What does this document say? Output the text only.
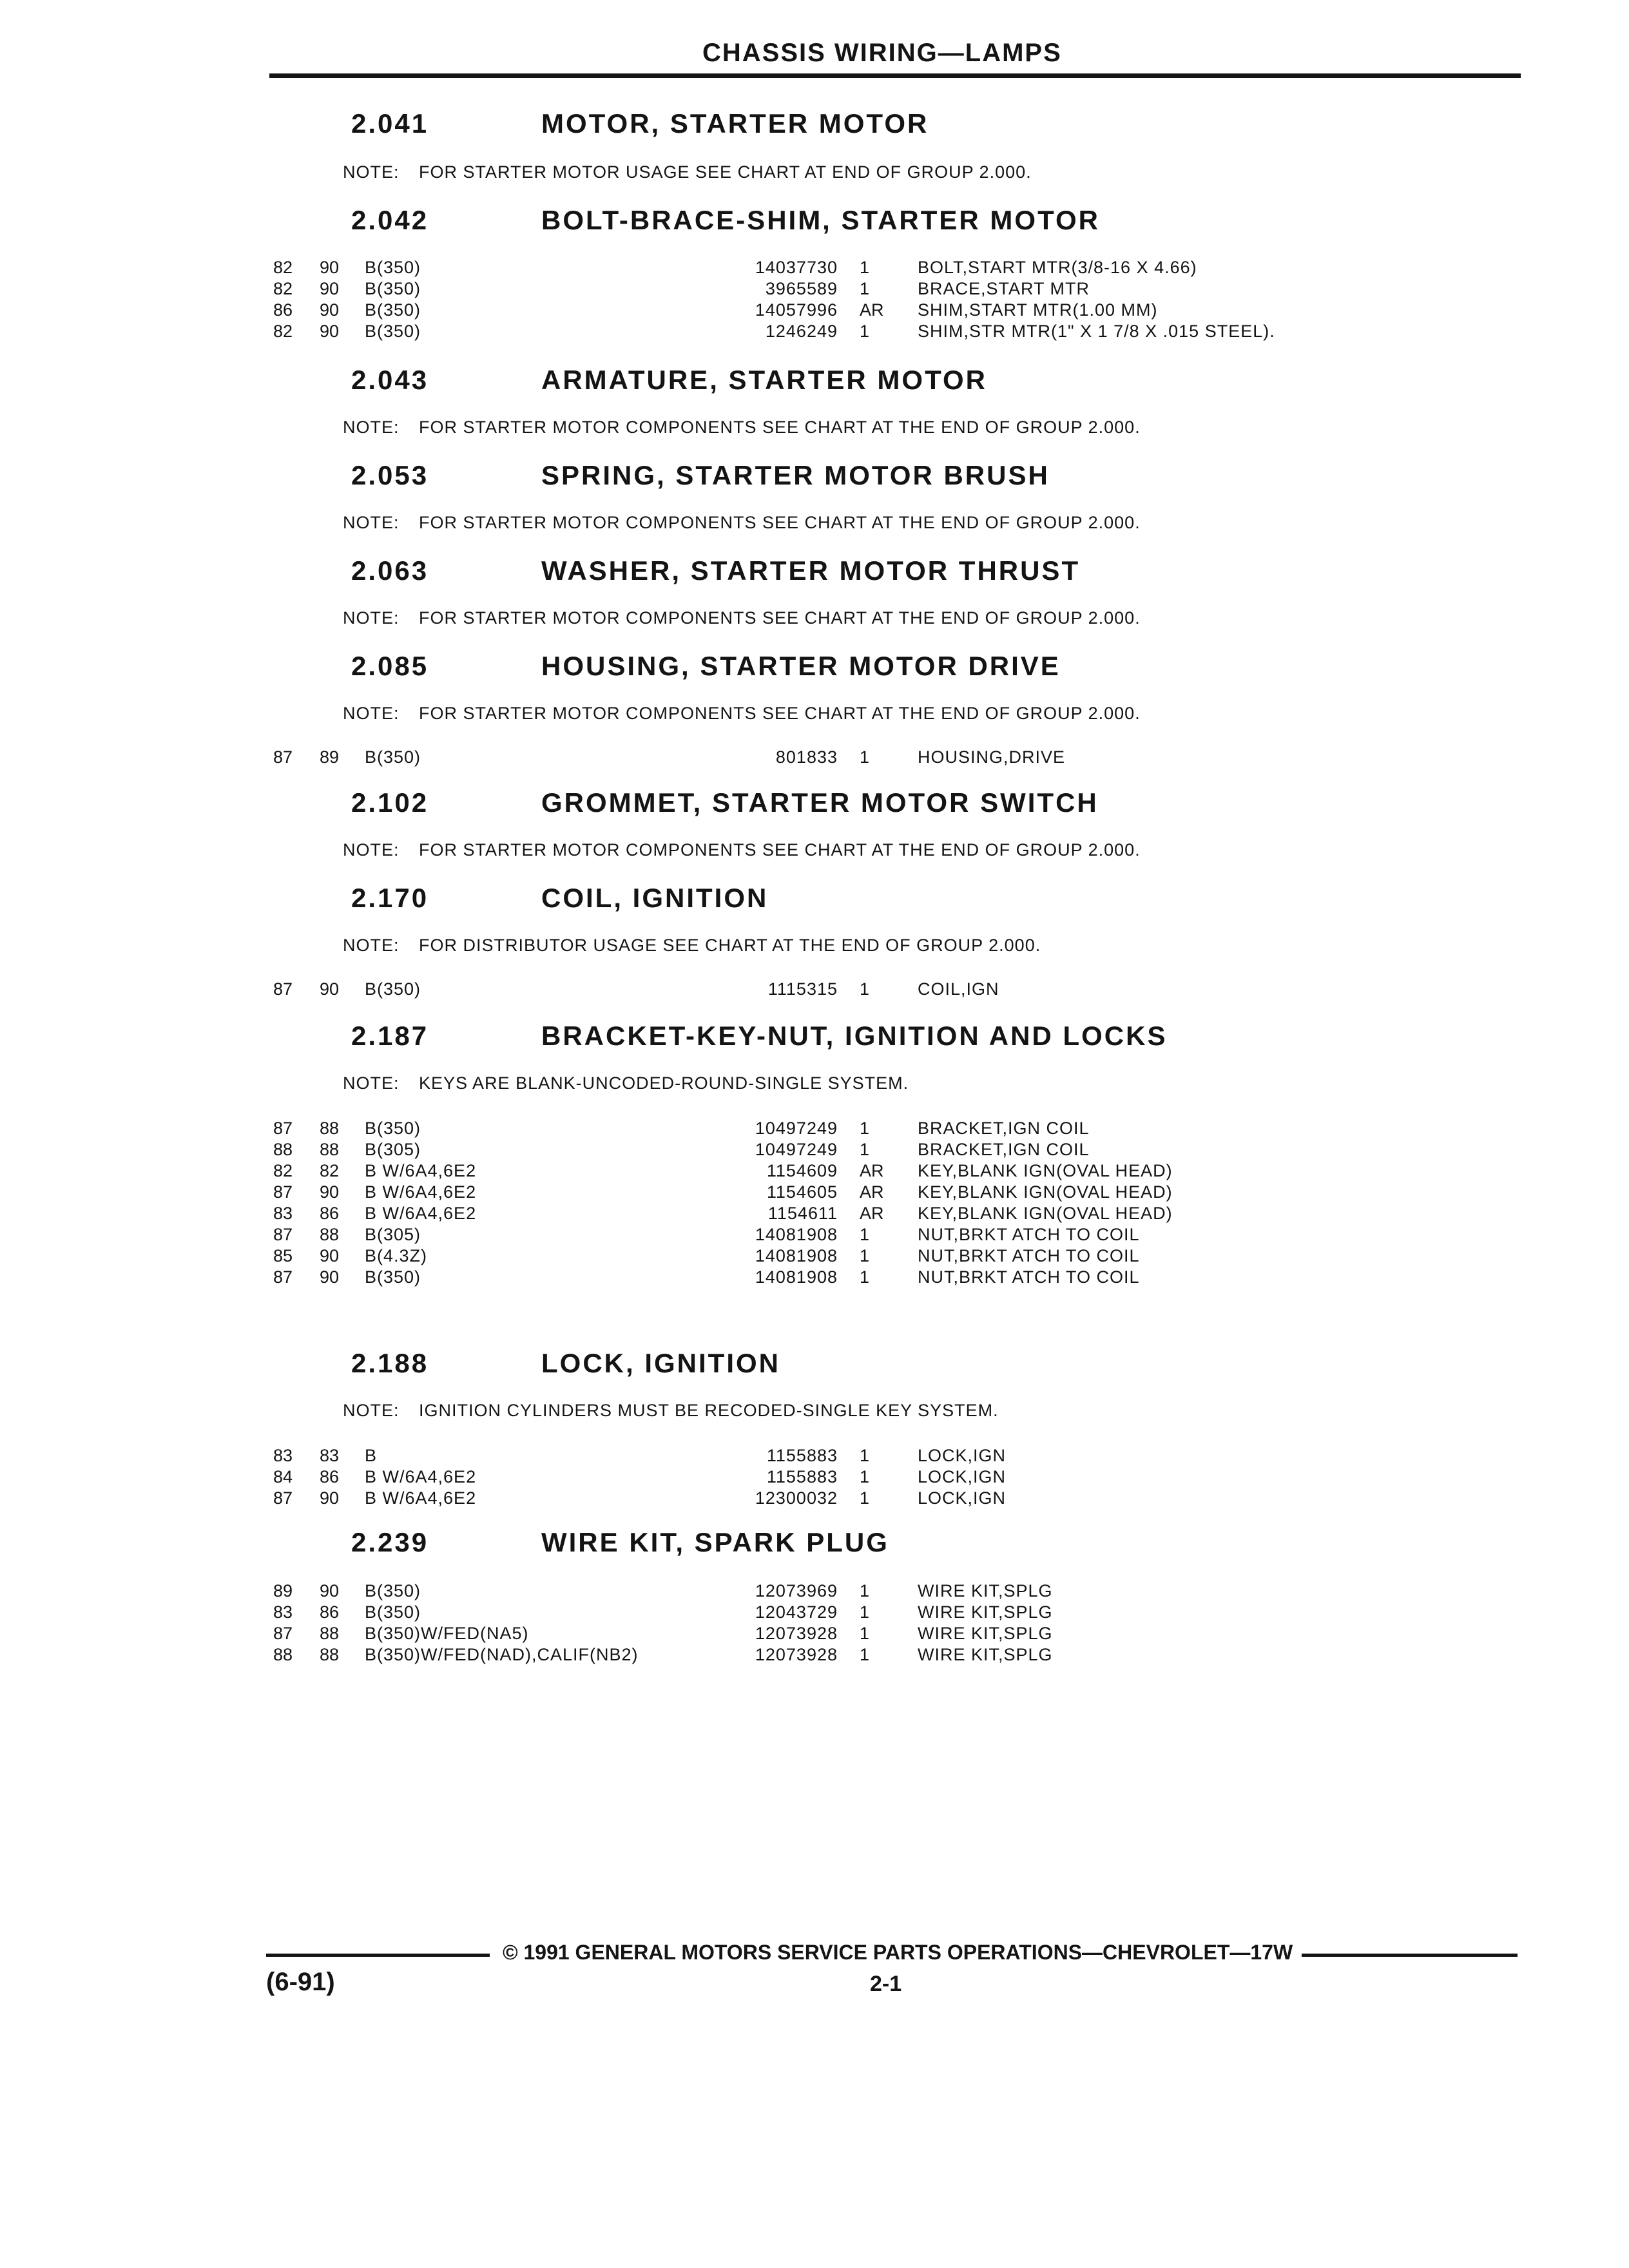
CHASSIS WIRING—LAMPS
2.041	MOTOR, STARTER MOTOR
NOTE: FOR STARTER MOTOR USAGE SEE CHART AT END OF GROUP 2.000.
2.042	BOLT-BRACE-SHIM, STARTER MOTOR
82 90 B(350)	14037730 1	BOLT,START MTR(3/8-16 X 4.66)
82 90 B(350)	3965589 1	BRACE,START MTR
86 90 B(350)	14057996 AR SHIM,START MTR(1.00 MM)
82 90 B(350)	1246249 1	SHIM,STR MTR(1" X 1 7/8 X .015 STEEL).
2.043	ARMATURE, STARTER MOTOR
NOTE: FOR STARTER MOTOR COMPONENTS SEE CHART AT THE END OF GROUP 2.000.
2.053	SPRING, STARTER MOTOR BRUSH
NOTE: FOR STARTER MOTOR COMPONENTS SEE CHART AT THE END OF GROUP 2.000.
2.063	WASHER, STARTER MOTOR THRUST
NOTE: FOR STARTER MOTOR COMPONENTS SEE CHART AT THE END OF GROUP 2.000.
2.085	HOUSING, STARTER MOTOR DRIVE
NOTE: FOR STARTER MOTOR COMPONENTS SEE CHART AT THE END OF GROUP 2.000.
87 89 B(350)	801833 1	HOUSING,DRIVE
2.102	GROMMET, STARTER MOTOR SWITCH
NOTE: FOR STARTER MOTOR COMPONENTS SEE CHART AT THE END OF GROUP 2.000.
2.170	COIL, IGNITION
NOTE: FOR DISTRIBUTOR USAGE SEE CHART AT THE END OF GROUP 2.000.
87 90 B(350)	1115315 1	COIL,IGN
2.187	BRACKET-KEY-NUT, IGNITION AND LOCKS
NOTE: KEYS ARE BLANK-UNCODED-ROUND-SINGLE SYSTEM.
87 88 B(350)	10497249 1	BRACKET,IGN COIL
88 88 B(305)	10497249 1	BRACKET,IGN COIL
82 82 B W/6A4,6E2	1154609 AR KEY,BLANK IGN(OVAL HEAD)
87 90 B W/6A4,6E2	1154605 AR KEY,BLANK IGN(OVAL HEAD)
83 86 B W/6A4,6E2	1154611 AR KEY,BLANK IGN(OVAL HEAD)
87 88 B(305)	14081908 1	NUT,BRKT ATCH TO COIL
85 90 B(4.3Z)	14081908 1	NUT,BRKT ATCH TO COIL
87 90 B(350)	14081908 1	NUT,BRKT ATCH TO COIL
2.188	LOCK, IGNITION
NOTE: IGNITION CYLINDERS MUST BE RECODED-SINGLE KEY SYSTEM.
83 83 B	1155883 1	LOCK,IGN
84 86 B W/6A4,6E2	1155883 1	LOCK,IGN
87 90 B W/6A4,6E2	12300032 1	LOCK,IGN
2.239	WIRE KIT, SPARK PLUG
89 90 B(350)	12073969 1	WIRE KIT,SPLG
83 86 B(350)	12043729 1	WIRE KIT,SPLG
87 88 B(350)W/FED(NA5)	12073928 1	WIRE KIT,SPLG
88 88 B(350)W/FED(NAD),CALIF(NB2)	12073928 1	WIRE KIT,SPLG
© 1991 GENERAL MOTORS SERVICE PARTS OPERATIONS—CHEVROLET—17W
(6-91)	2-1
